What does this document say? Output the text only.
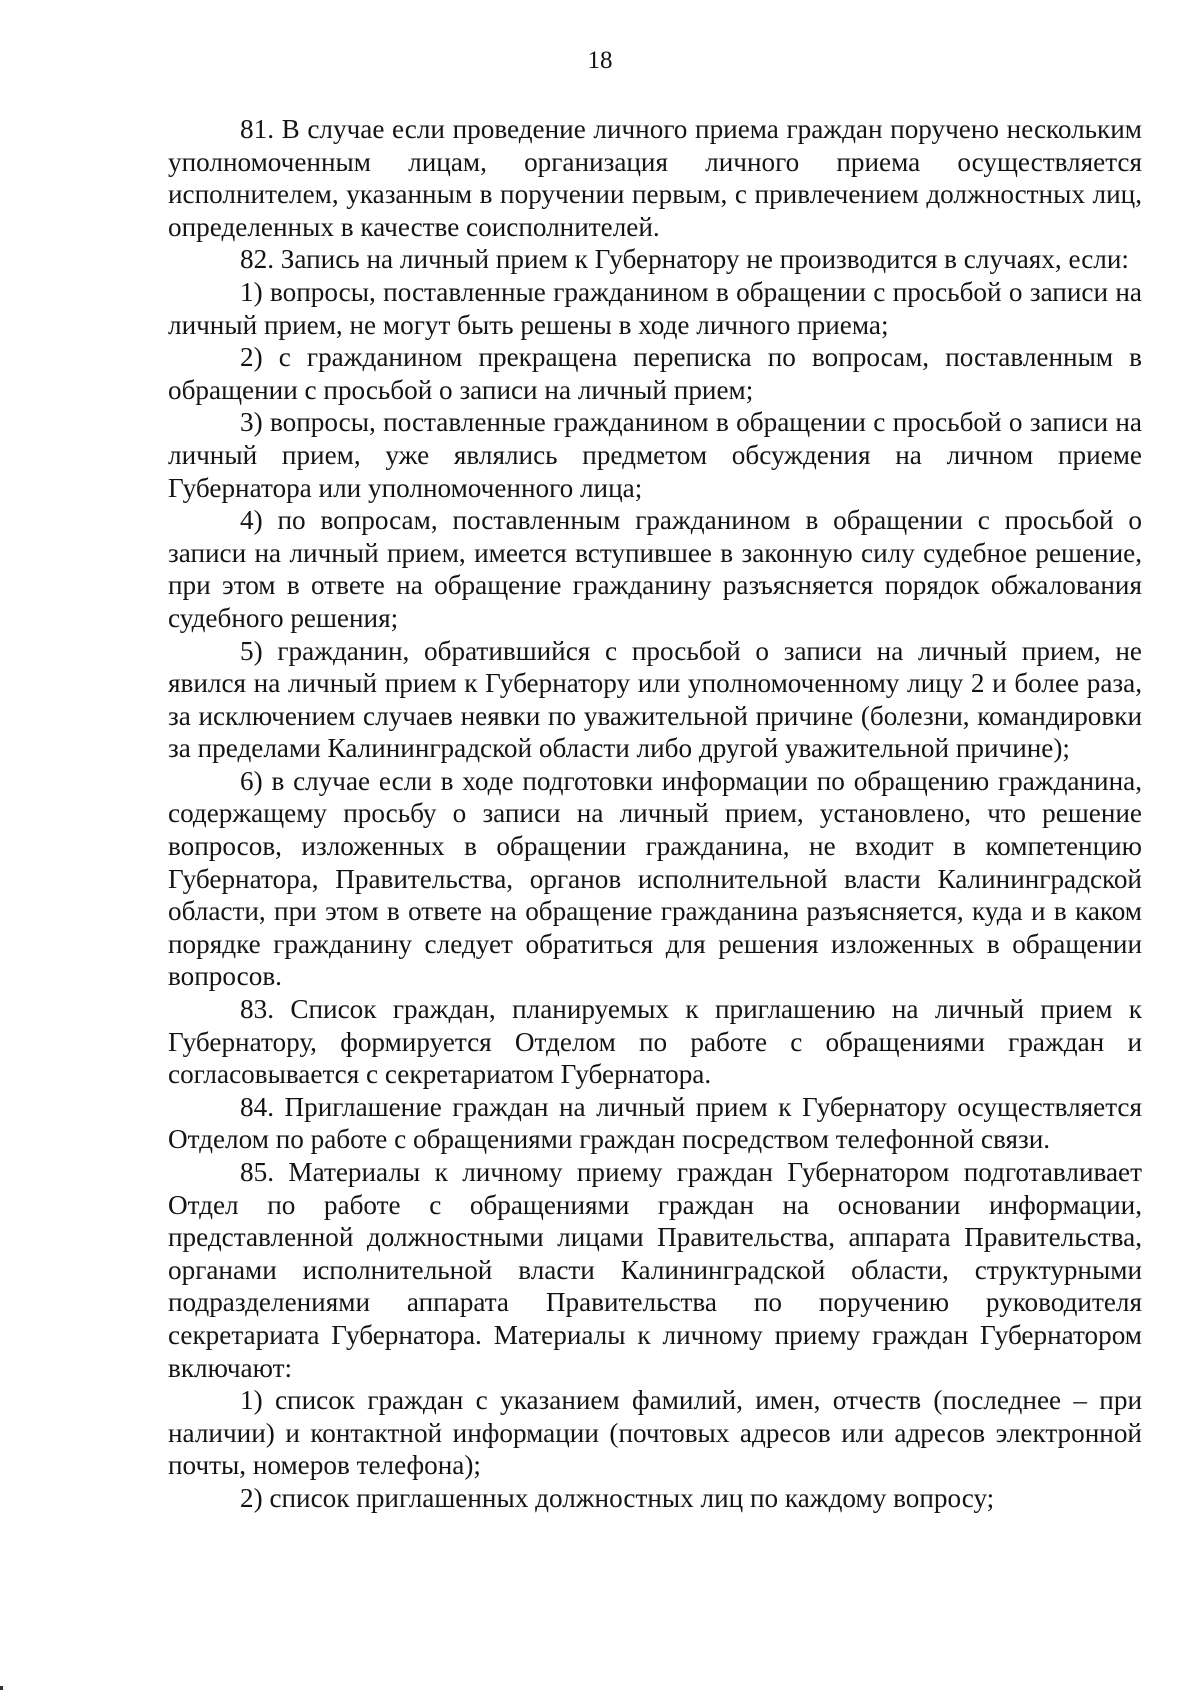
18

81. В случае если проведение личного приема граждан поручено нескольким уполномоченным лицам, организация личного приема осуществляется исполнителем, указанным в поручении первым, с привлечением должностных лиц, определенных в качестве соисполнителей.

82. Запись на личный прием к Губернатору не производится в случаях, если:

1) вопросы, поставленные гражданином в обращении с просьбой о записи на личный прием, не могут быть решены в ходе личного приема;

2) с гражданином прекращена переписка по вопросам, поставленным в обращении с просьбой о записи на личный прием;

3) вопросы, поставленные гражданином в обращении с просьбой о записи на личный прием, уже являлись предметом обсуждения на личном приеме Губернатора или уполномоченного лица;

4) по вопросам, поставленным гражданином в обращении с просьбой о записи на личный прием, имеется вступившее в законную силу судебное решение, при этом в ответе на обращение гражданину разъясняется порядок обжалования судебного решения;

5) гражданин, обратившийся с просьбой о записи на личный прием, не явился на личный прием к Губернатору или уполномоченному лицу 2 и более раза, за исключением случаев неявки по уважительной причине (болезни, командировки за пределами Калининградской области либо другой уважительной причине);

6) в случае если в ходе подготовки информации по обращению гражданина, содержащему просьбу о записи на личный прием, установлено, что решение вопросов, изложенных в обращении гражданина, не входит в компетенцию Губернатора, Правительства, органов исполнительной власти Калининградской области, при этом в ответе на обращение гражданина разъясняется, куда и в каком порядке гражданину следует обратиться для решения изложенных в обращении вопросов.

83. Список граждан, планируемых к приглашению на личный прием к Губернатору, формируется Отделом по работе с обращениями граждан и согласовывается с секретариатом Губернатора.

84. Приглашение граждан на личный прием к Губернатору осуществляется Отделом по работе с обращениями граждан посредством телефонной связи.

85. Материалы к личному приему граждан Губернатором подготавливает Отдел по работе с обращениями граждан на основании информации, представленной должностными лицами Правительства, аппарата Правительства, органами исполнительной власти Калининградской области, структурными подразделениями аппарата Правительства по поручению руководителя секретариата Губернатора. Материалы к личному приему граждан Губернатором включают:

1) список граждан с указанием фамилий, имен, отчеств (последнее – при наличии) и контактной информации (почтовых адресов или адресов электронной почты, номеров телефона);

2) список приглашенных должностных лиц по каждому вопросу;
